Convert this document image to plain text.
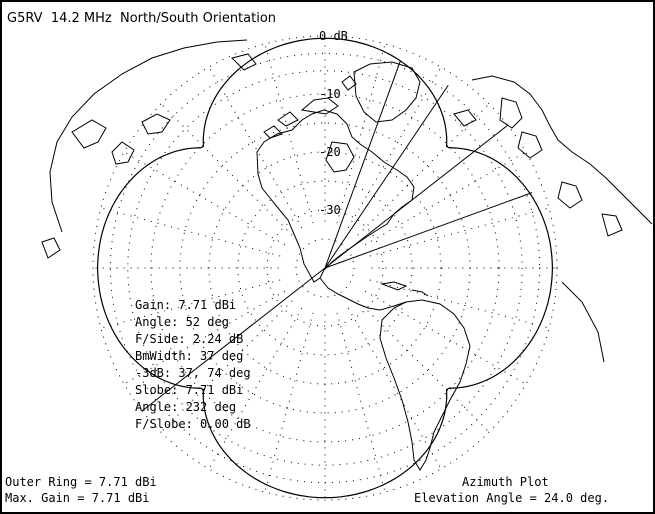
0 dB
-10
-20
-30
G5RV  14.2 MHz  North/South Orientation
Gain: 7.71 dBi
Angle: 52 deg
F/Side: 2.24 dB
BmWidth: 37 deg
-3dB: 37, 74 deg
Slobe: 7.71 dBi
Angle: 232 deg
F/Slobe: 0.00 dB
Outer Ring = 7.71 dBi
Max. Gain = 7.71 dBi
Azimuth Plot
Elevation Angle = 24.0 deg.
